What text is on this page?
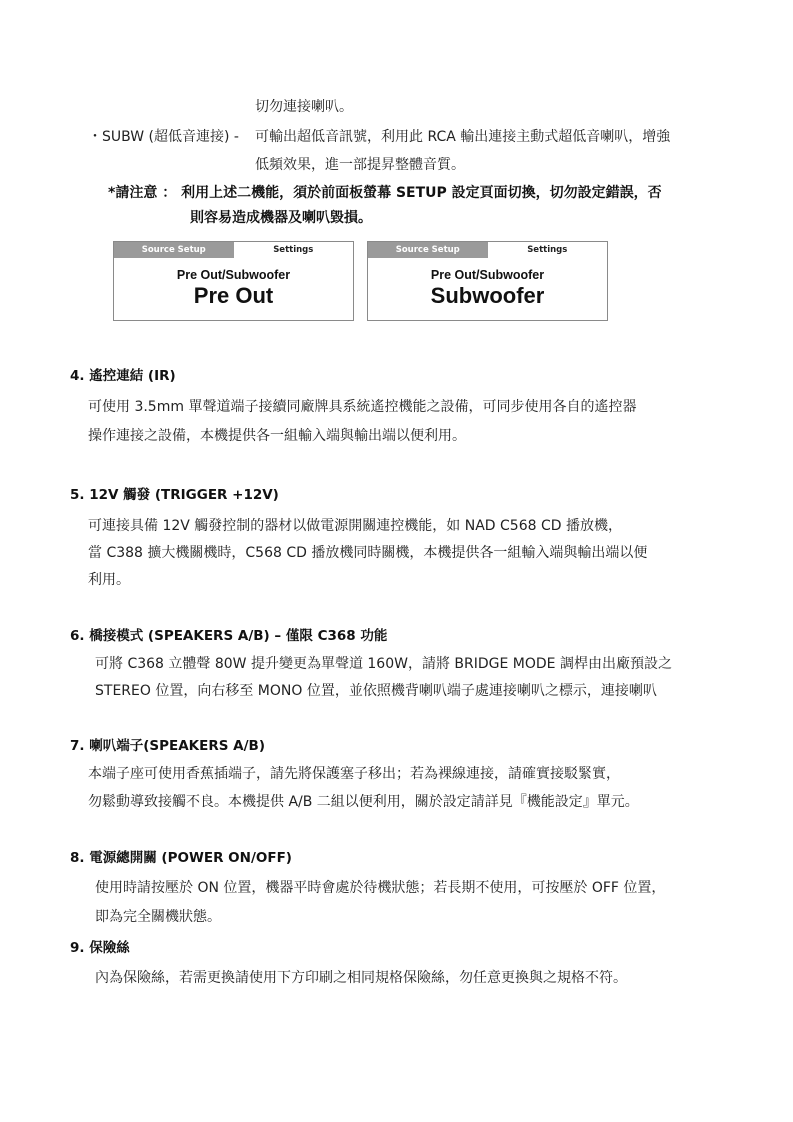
切勿連接喇叭。
・SUBW (超低音連接) - 可輸出超低音訊號，利用此 RCA 輸出連接主動式超低音喇叭，增強
低頻效果，進一部提昇整體音質。
*請注意 ： 利用上述二機能，須於前面板螢幕 SETUP 設定頁面切換，切勿設定錯誤，否
則容易造成機器及喇叭毀損。
Source Setup	Settings
Pre Out/Subwoofer
Pre Out
Source Setup	Settings
Pre Out/Subwoofer
Subwoofer
4. 遙控連結 (IR)
可使用 3.5mm 單聲道端子接續同廠牌具系統遙控機能之設備，可同步使用各自的遙控器
操作連接之設備，本機提供各一組輸入端與輸出端以便利用。
5. 12V 觸發 (TRIGGER +12V)
可連接具備 12V 觸發控制的器材以做電源開關連控機能，如 NAD C568 CD 播放機，
當 C388 擴大機關機時，C568 CD 播放機同時關機，本機提供各一組輸入端與輸出端以便
利用。
6. 橋接模式 (SPEAKERS A/B) – 僅限 C368 功能
可將 C368 立體聲 80W 提升變更為單聲道 160W，請將 BRIDGE MODE 調桿由出廠預設之
STEREO 位置，向右移至 MONO 位置，並依照機背喇叭端子處連接喇叭之標示，連接喇叭
7. 喇叭端子(SPEAKERS A/B)
本端子座可使用香蕉插端子，請先將保護塞子移出；若為裸線連接，請確實接駁緊實，
勿鬆動導致接觸不良。本機提供 A/B 二組以便利用，關於設定請詳見『機能設定』單元。
8. 電源總開關 (POWER ON/OFF)
使用時請按壓於 ON 位置，機器平時會處於待機狀態；若長期不使用，可按壓於 OFF 位置，
即為完全關機狀態。
9. 保險絲
內為保險絲，若需更換請使用下方印刷之相同規格保險絲，勿任意更換與之規格不符。
